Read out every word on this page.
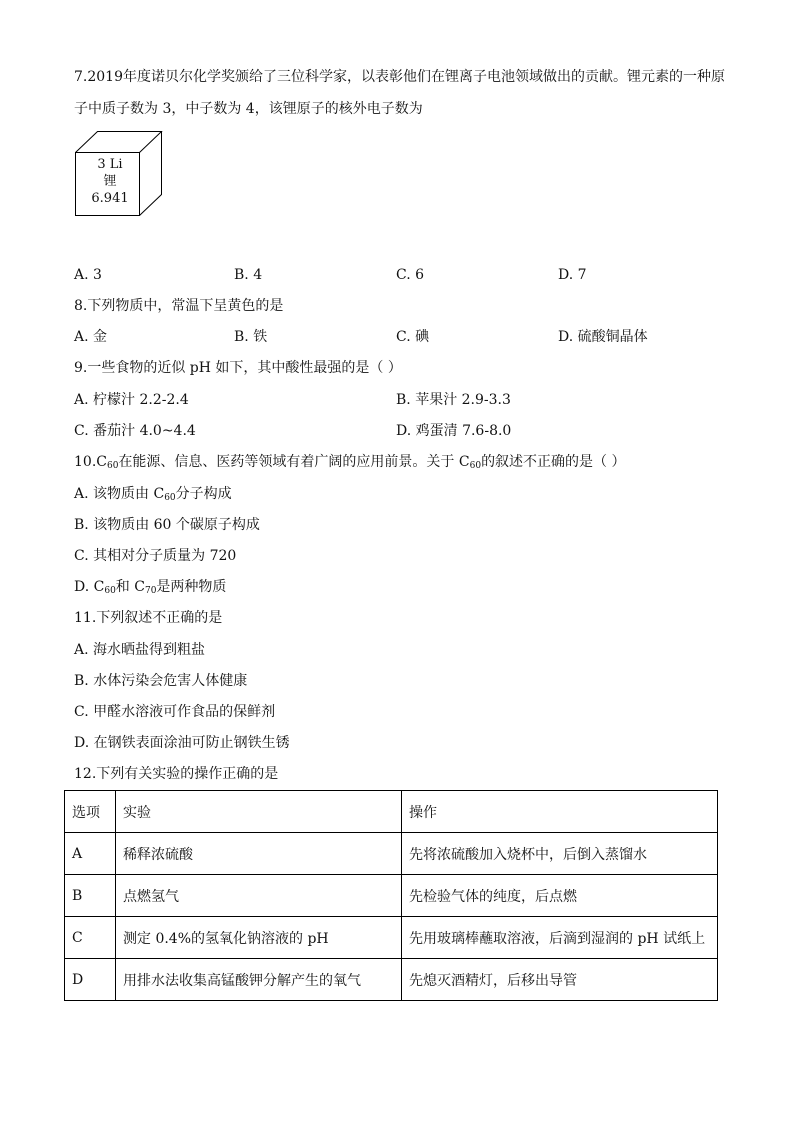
7.2019年度诺贝尔化学奖颁给了三位科学家，以表彰他们在锂离子电池领域做出的贡献。锂元素的一种原
子中质子数为 3，中子数为 4，该锂原子的核外电子数为
3 Li
锂
6.941
A. 3	B. 4	C. 6	D. 7
8.下列物质中，常温下呈黄色的是
A. 金	B. 铁	C. 碘	D. 硫酸铜晶体
9.一些食物的近似 pH 如下，其中酸性最强的是（ ）
A. 柠檬汁 2.2-2.4	B. 苹果汁 2.9-3.3
C. 番茄汁 4.0~4.4	D. 鸡蛋清 7.6-8.0
$10.C_{60}$在能源、信息、医药等领域有着广阔的应用前景。关于 $C_{60}$的叙述不正确的是（ ）
A. 该物质由 $C_{60}$分子构成
B. 该物质由 60 个碳原子构成
C. 其相对分子质量为 720
D. $C_{60}$和 $C_{70}$是两种物质
11.下列叙述不正确的是
A. 海水晒盐得到粗盐
B. 水体污染会危害人体健康
C. 甲醛水溶液可作食品的保鲜剂
D. 在钢铁表面涂油可防止钢铁生锈
12.下列有关实验的操作正确的是
选项	实验	操作
A	稀释浓硫酸	先将浓硫酸加入烧杯中，后倒入蒸馏水
B	点燃氢气	先检验气体的纯度，后点燃
C	测定 0.4%的氢氧化钠溶液的 pH	先用玻璃棒蘸取溶液，后滴到湿润的 pH 试纸上
D	用排水法收集高锰酸钾分解产生的氧气	先熄灭酒精灯，后移出导管
